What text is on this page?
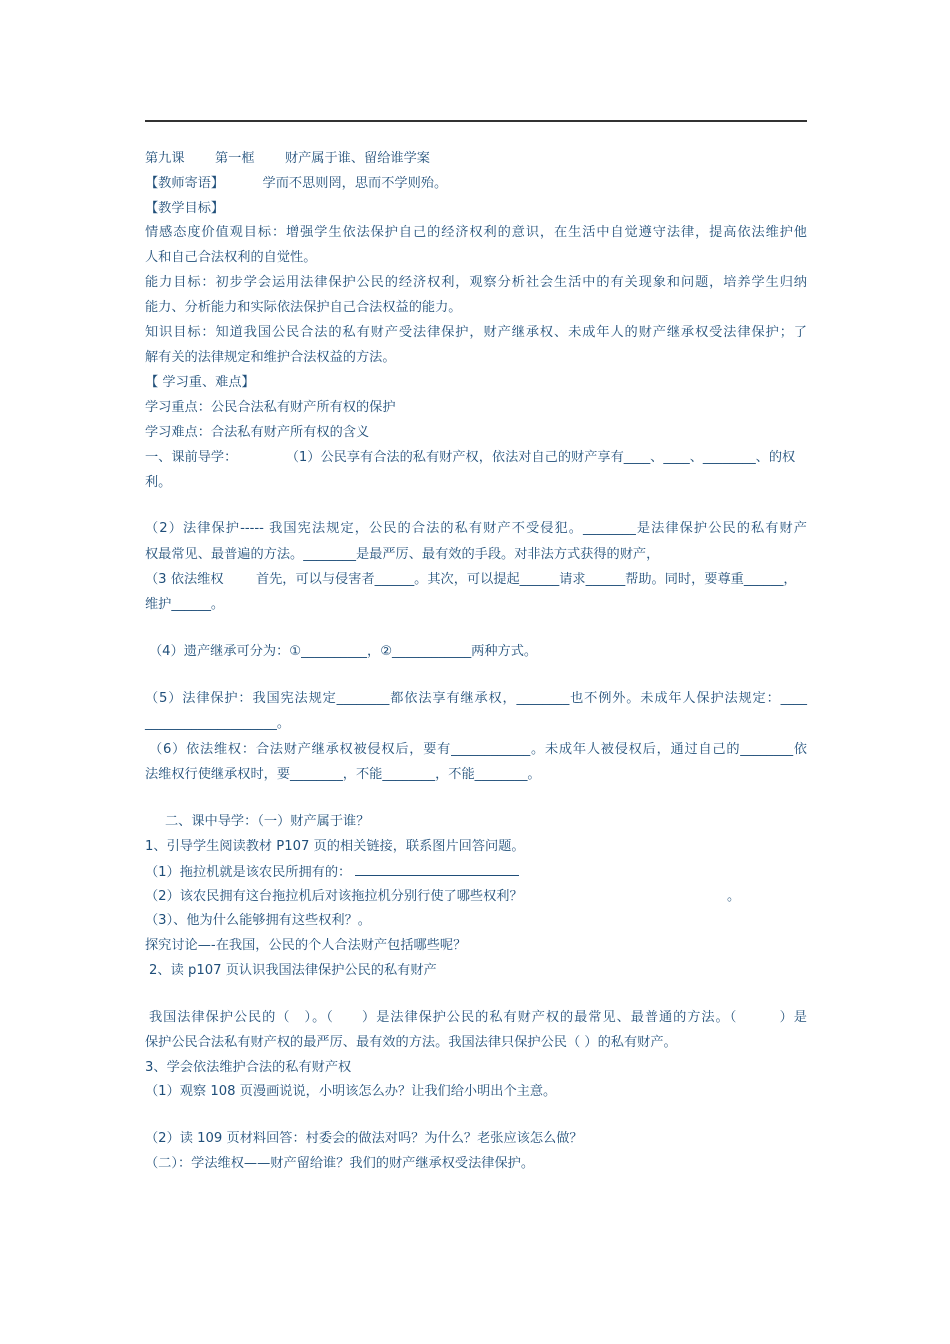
第九课 第一框 财产属于谁、留给谁学案
【教师寄语】	学而不思则罔，思而不学则殆。
【教学目标】
情感态度价值观目标：增强学生依法保护自己的经济权利的意识，在生活中自觉遵守法律，提高依法维护他
人和自己合法权利的自觉性。
能力目标：初步学会运用法律保护公民的经济权利，观察分析社会生活中的有关现象和问题，培养学生归纳
能力、分析能力和实际依法保护自己合法权益的能力。
知识目标：知道我国公民合法的私有财产受法律保护，财产继承权、未成年人的财产继承权受法律保护；了
解有关的法律规定和维护合法权益的方法。
【 学习重、难点】
学习重点：公民合法私有财产所有权的保护
学习难点：合法私有财产所有权的含义
一、课前导学：	（1）公民享有合法的私有财产权，依法对自己的财产享有____、____、________、的权
利。
（2）法律保护----- 我国宪法规定，公民的合法的私有财产不受侵犯。________是法律保护公民的私有财产
权最常见、最普遍的方法。________是最严厉、最有效的手段。对非法方式获得的财产，
（3 依法维权 首先，可以与侵害者______。其次，可以提起______请求______帮助。同时，要尊重______，
维护______。
（4）遗产继承可分为：①__________，②____________两种方式。
（5）法律保护：我国宪法规定________都依法享有继承权，________也不例外。未成年人保护法规定：____
____________________。
（6）依法维权：合法财产继承权被侵权后，要有____________。未成年人被侵权后，通过自己的________依
法维权行使继承权时，要________，不能________，不能________。
二、课中导学：（一）财产属于谁？
1、引导学生阅读教材 P107 页的相关链接，联系图片回答问题。
（1）拖拉机就是该农民所拥有的：
（2）该农民拥有这台拖拉机后对该拖拉机分别行使了哪些权利？	。
（3）、他为什么能够拥有这些权利？。
探究讨论—-在我国，公民的个人合法财产包括哪些呢？
2、读 p107 页认识我国法律保护公民的私有财产
我国法律保护公民的（　）。（　　）是法律保护公民的私有财产权的最常见、最普通的方法。（　　　）是
保护公民合法私有财产权的最严厉、最有效的方法。我国法律只保护公民（ ）的私有财产。
3、学会依法维护合法的私有财产权
（1）观察 108 页漫画说说，小明该怎么办？让我们给小明出个主意。
（2）读 109 页材料回答：村委会的做法对吗？为什么？老张应该怎么做？
（二）：学法维权——财产留给谁？我们的财产继承权受法律保护。
